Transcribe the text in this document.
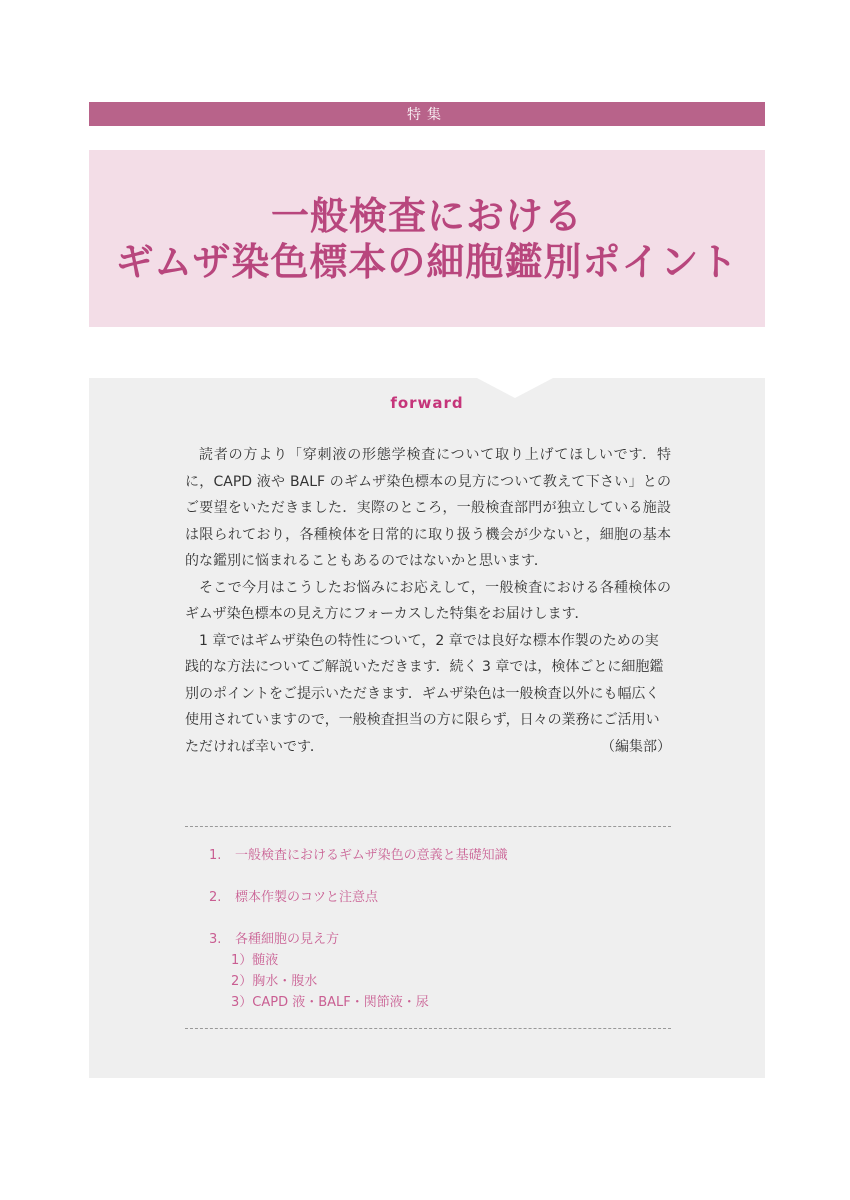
特集
一般検査における
ギムザ染色標本の細胞鑑別ポイント
forward

読者の方より「穿刺液の形態学検査について取り上げてほしいです．特に，CAPD 液や BALF のギムザ染色標本の見方について教えて下さい」とのご要望をいただきました．実際のところ，一般検査部門が独立している施設は限られており，各種検体を日常的に取り扱う機会が少ないと，細胞の基本的な鑑別に悩まれることもあるのではないかと思います．

そこで今月はこうしたお悩みにお応えして，一般検査における各種検体のギムザ染色標本の見え方にフォーカスした特集をお届けします．

1 章ではギムザ染色の特性について，2 章では良好な標本作製のための実践的な方法についてご解説いただきます．続く 3 章では，検体ごとに細胞鑑別のポイントをご提示いただきます．ギムザ染色は一般検査以外にも幅広く使用されていますので，一般検査担当の方に限らず，日々の業務にご活用いただければ幸いです．	（編集部）

1. 一般検査におけるギムザ染色の意義と基礎知識
2. 標本作製のコツと注意点
3. 各種細胞の見え方
1）髄液
2）胸水・腹水
3）CAPD 液・BALF・関節液・尿
